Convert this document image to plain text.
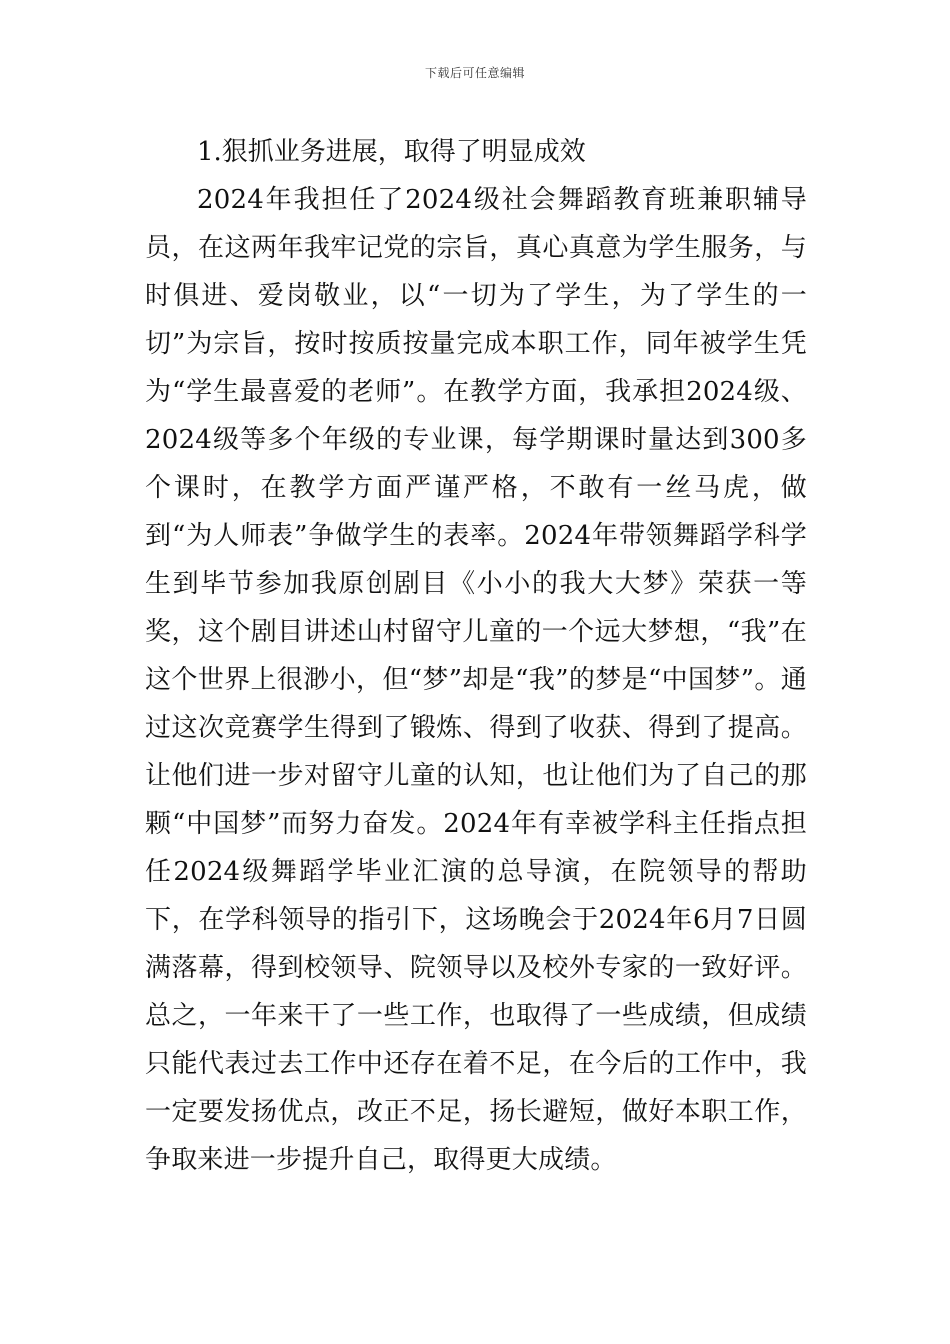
下载后可任意编辑

1.狠抓业务进展，取得了明显成效

2024年我担任了2024级社会舞蹈教育班兼职辅导员，在这两年我牢记党的宗旨，真心真意为学生服务，与时俱进、爱岗敬业，以“一切为了学生，为了学生的一切”为宗旨，按时按质按量完成本职工作，同年被学生凭为“学生最喜爱的老师”。在教学方面，我承担2024级、2024级等多个年级的专业课，每学期课时量达到300多个课时，在教学方面严谨严格，不敢有一丝马虎，做到“为人师表”争做学生的表率。2024年带领舞蹈学科学生到毕节参加我原创剧目《小小的我大大梦》荣获一等奖，这个剧目讲述山村留守儿童的一个远大梦想，“我”在这个世界上很渺小，但“梦”却是“我”的梦是“中国梦”。通过这次竞赛学生得到了锻炼、得到了收获、得到了提高。让他们进一步对留守儿童的认知，也让他们为了自己的那颗“中国梦”而努力奋发。2024年有幸被学科主任指点担任2024级舞蹈学毕业汇演的总导演，在院领导的帮助下，在学科领导的指引下，这场晚会于2024年6月7日圆满落幕，得到校领导、院领导以及校外专家的一致好评。总之，一年来干了一些工作，也取得了一些成绩，但成绩只能代表过去工作中还存在着不足，在今后的工作中，我一定要发扬优点，改正不足，扬长避短，做好本职工作，争取来进一步提升自己，取得更大成绩。
